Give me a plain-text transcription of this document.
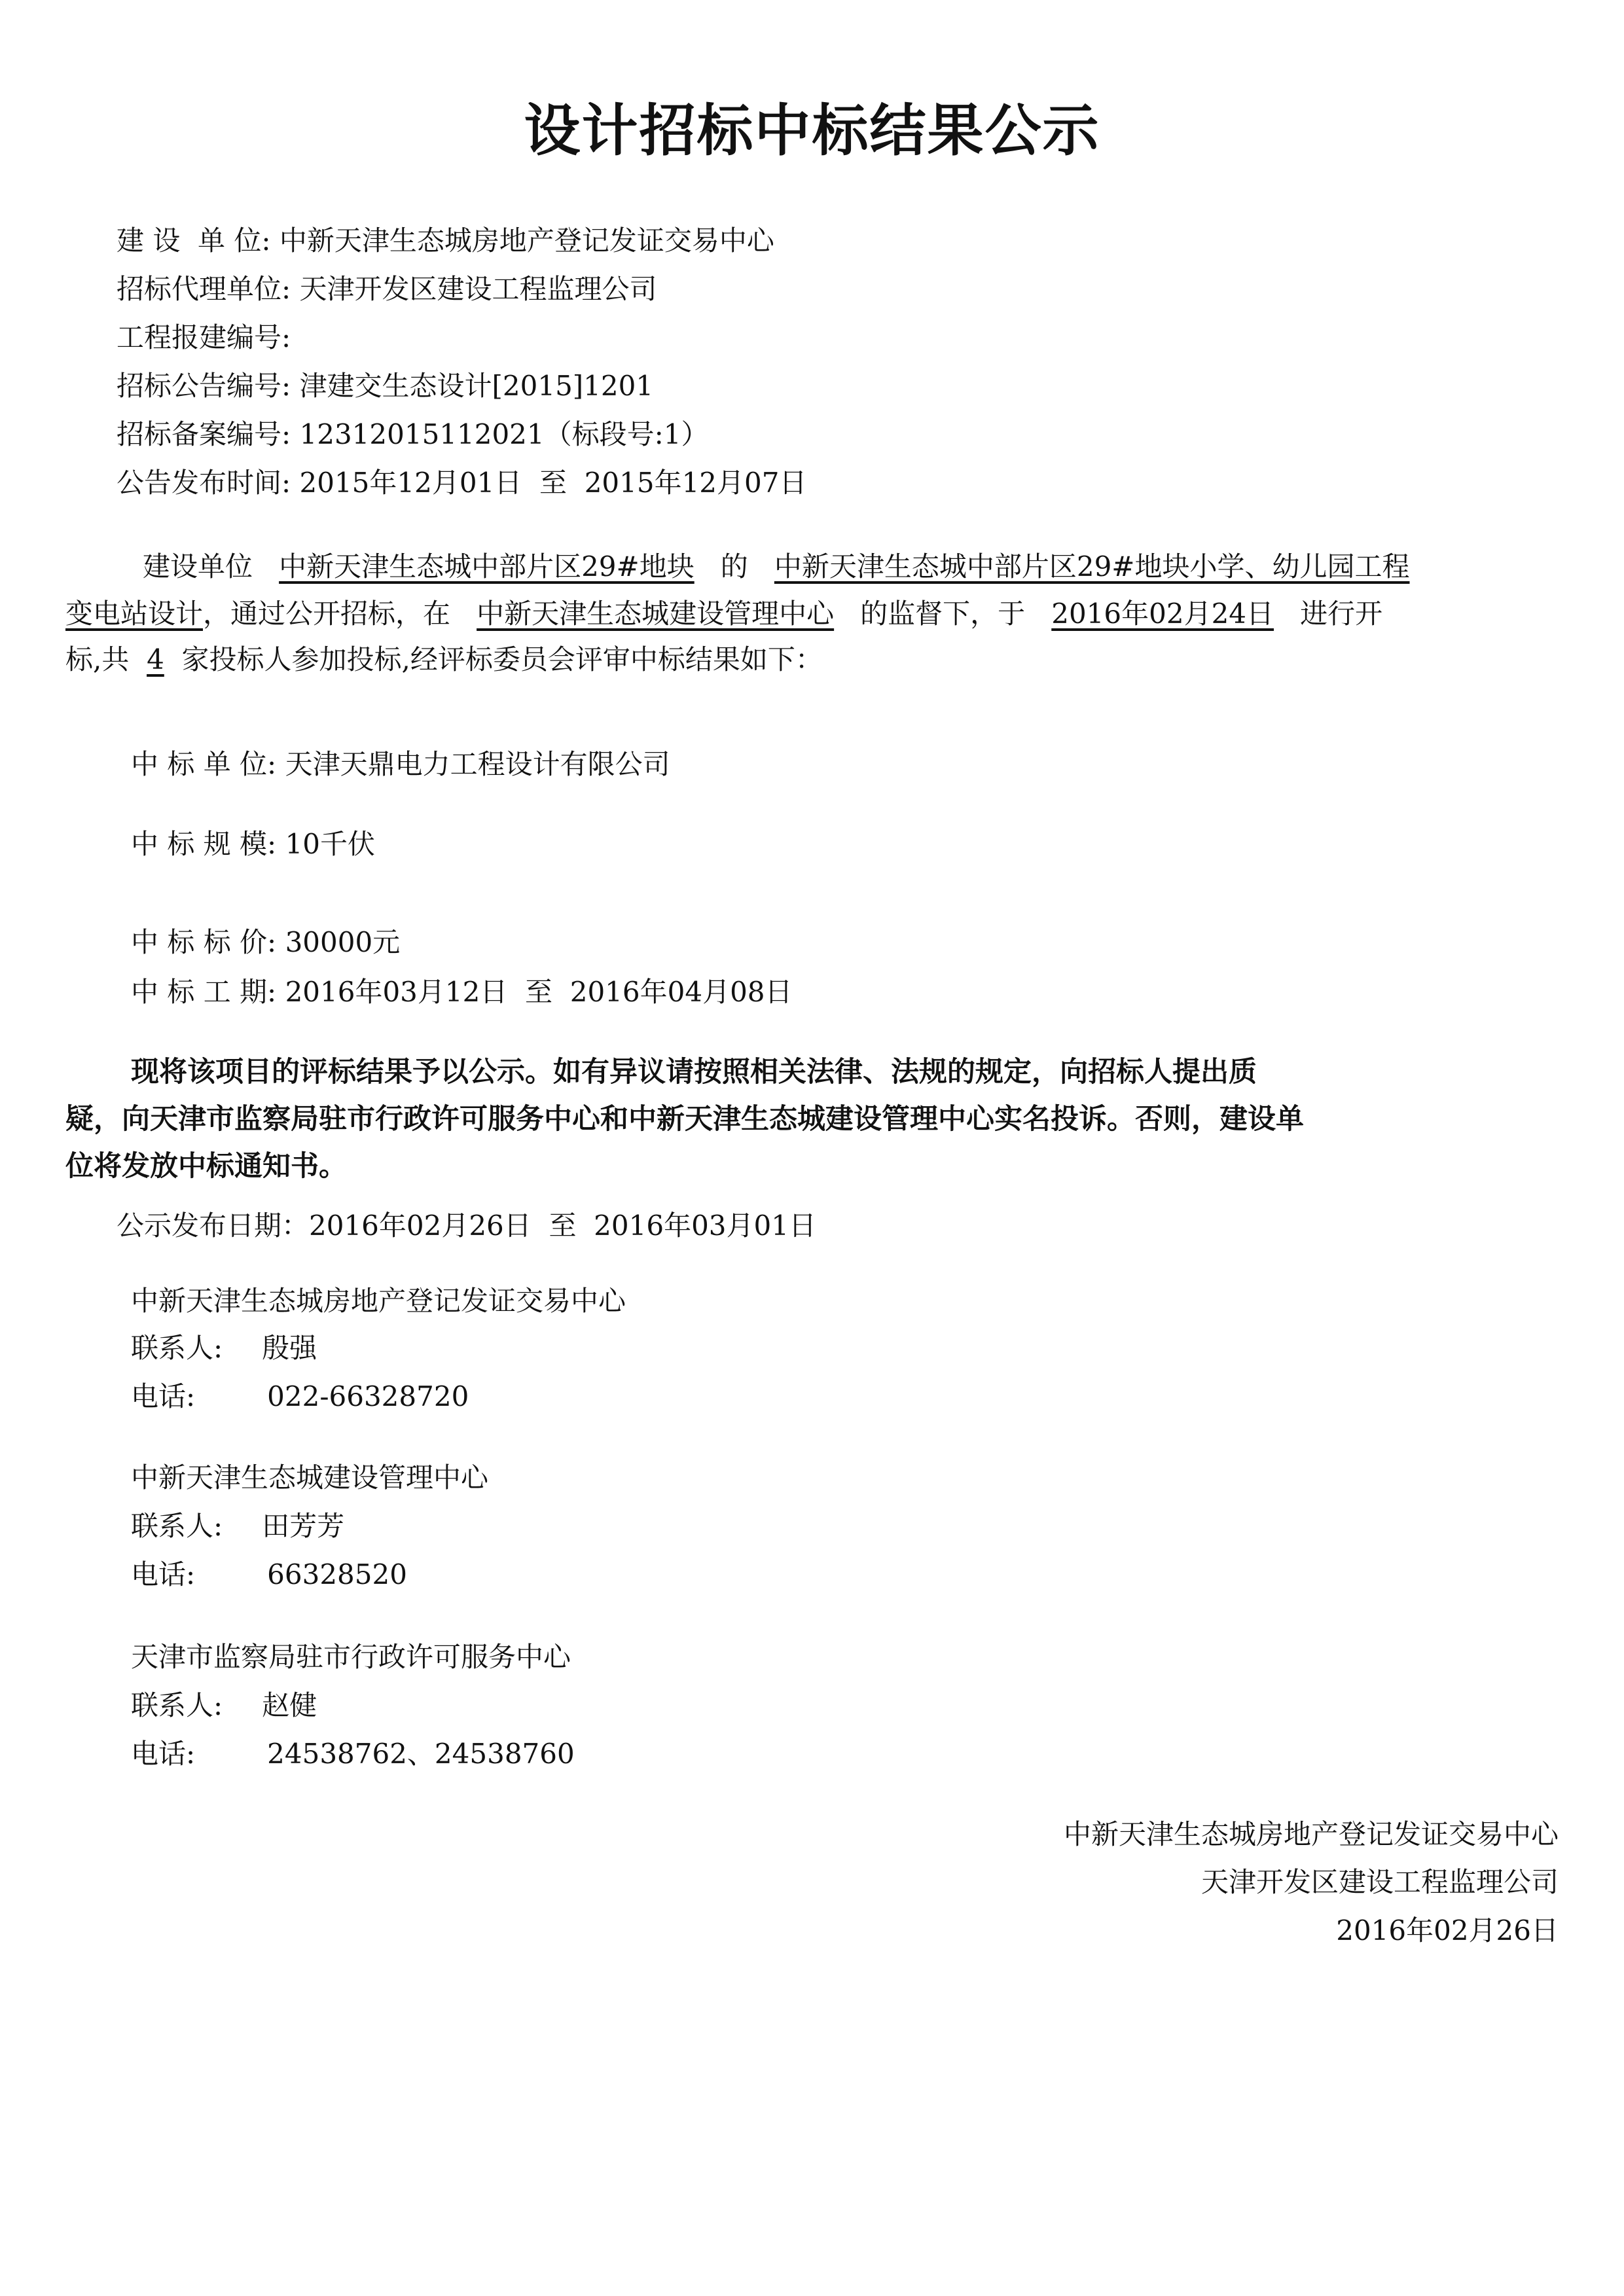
设计招标中标结果公示
建 设  单 位: 中新天津生态城房地产登记发证交易中心
招标代理单位: 天津开发区建设工程监理公司
工程报建编号:
招标公告编号: 津建交生态设计[2015]1201
招标备案编号: 12312015112021（标段号:1）
公告发布时间: 2015年12月01日  至  2015年12月07日
建设单位 中新天津生态城中部片区29#地块 的 中新天津生态城中部片区29#地块小学、幼儿园工程
变电站设计，通过公开招标，在 中新天津生态城建设管理中心 的监督下，于 2016年02月24日 进行开
标,共 4 家投标人参加投标,经评标委员会评审中标结果如下：
中 标 单 位: 天津天鼎电力工程设计有限公司
中 标 规 模: 10千伏
中 标 标 价: 30000元
中 标 工 期: 2016年03月12日  至  2016年04月08日
现将该项目的评标结果予以公示。如有异议请按照相关法律、法规的规定，向招标人提出质
疑，向天津市监察局驻市行政许可服务中心和中新天津生态城建设管理中心实名投诉。否则，建设单
位将发放中标通知书。
公示发布日期：2016年02月26日  至  2016年03月01日
中新天津生态城房地产登记发证交易中心
联系人: 殷强
电话:	022-66328720
中新天津生态城建设管理中心
联系人: 田芳芳
电话:	66328520
天津市监察局驻市行政许可服务中心
联系人: 赵健
电话:	24538762、24538760
中新天津生态城房地产登记发证交易中心
天津开发区建设工程监理公司
2016年02月26日
